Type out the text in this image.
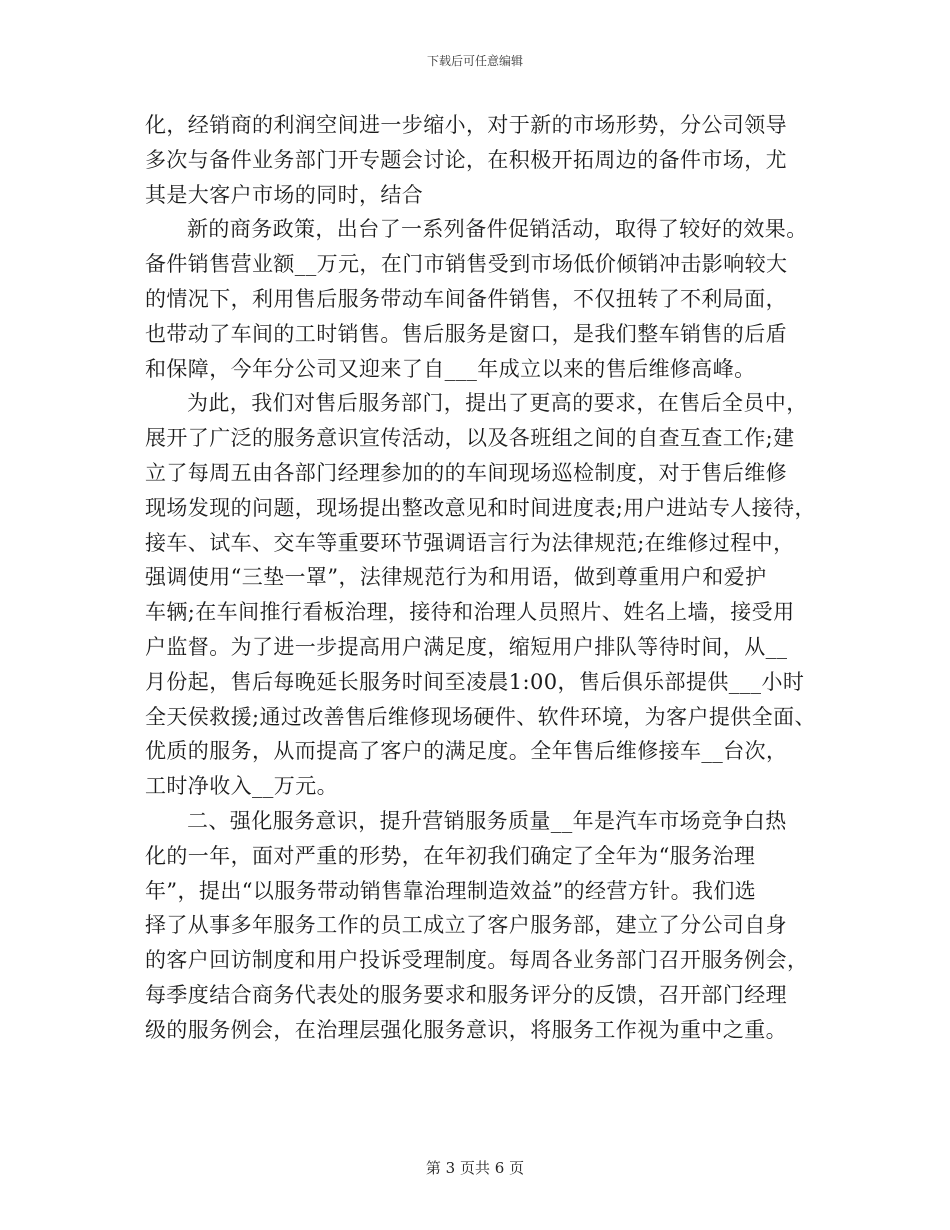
下载后可任意编辑
化，经销商的利润空间进一步缩小，对于新的市场形势，分公司领导
多次与备件业务部门开专题会讨论，在积极开拓周边的备件市场，尤
其是大客户市场的同时，结合
新的商务政策，出台了一系列备件促销活动，取得了较好的效果。
备件销售营业额__万元，在门市销售受到市场低价倾销冲击影响较大
的情况下，利用售后服务带动车间备件销售，不仅扭转了不利局面，
也带动了车间的工时销售。售后服务是窗口，是我们整车销售的后盾
和保障，今年分公司又迎来了自___年成立以来的售后维修高峰。
为此，我们对售后服务部门，提出了更高的要求，在售后全员中，
展开了广泛的服务意识宣传活动，以及各班组之间的自查互查工作;建
立了每周五由各部门经理参加的的车间现场巡检制度，对于售后维修
现场发现的问题，现场提出整改意见和时间进度表;用户进站专人接待，
接车、试车、交车等重要环节强调语言行为法律规范;在维修过程中，
强调使用“三垫一罩”，法律规范行为和用语，做到尊重用户和爱护
车辆;在车间推行看板治理，接待和治理人员照片、姓名上墙，接受用
户监督。为了进一步提高用户满足度，缩短用户排队等待时间，从__
月份起，售后每晚延长服务时间至凌晨1:00，售后俱乐部提供___小时
全天侯救援;通过改善售后维修现场硬件、软件环境，为客户提供全面、
优质的服务，从而提高了客户的满足度。全年售后维修接车__台次，
工时净收入__万元。
二、强化服务意识，提升营销服务质量__年是汽车市场竞争白热
化的一年，面对严重的形势，在年初我们确定了全年为“服务治理
年”，提出“以服务带动销售靠治理制造效益”的经营方针。我们选
择了从事多年服务工作的员工成立了客户服务部，建立了分公司自身
的客户回访制度和用户投诉受理制度。每周各业务部门召开服务例会，
每季度结合商务代表处的服务要求和服务评分的反馈，召开部门经理
级的服务例会，在治理层强化服务意识，将服务工作视为重中之重。
第 3 页共 6 页
